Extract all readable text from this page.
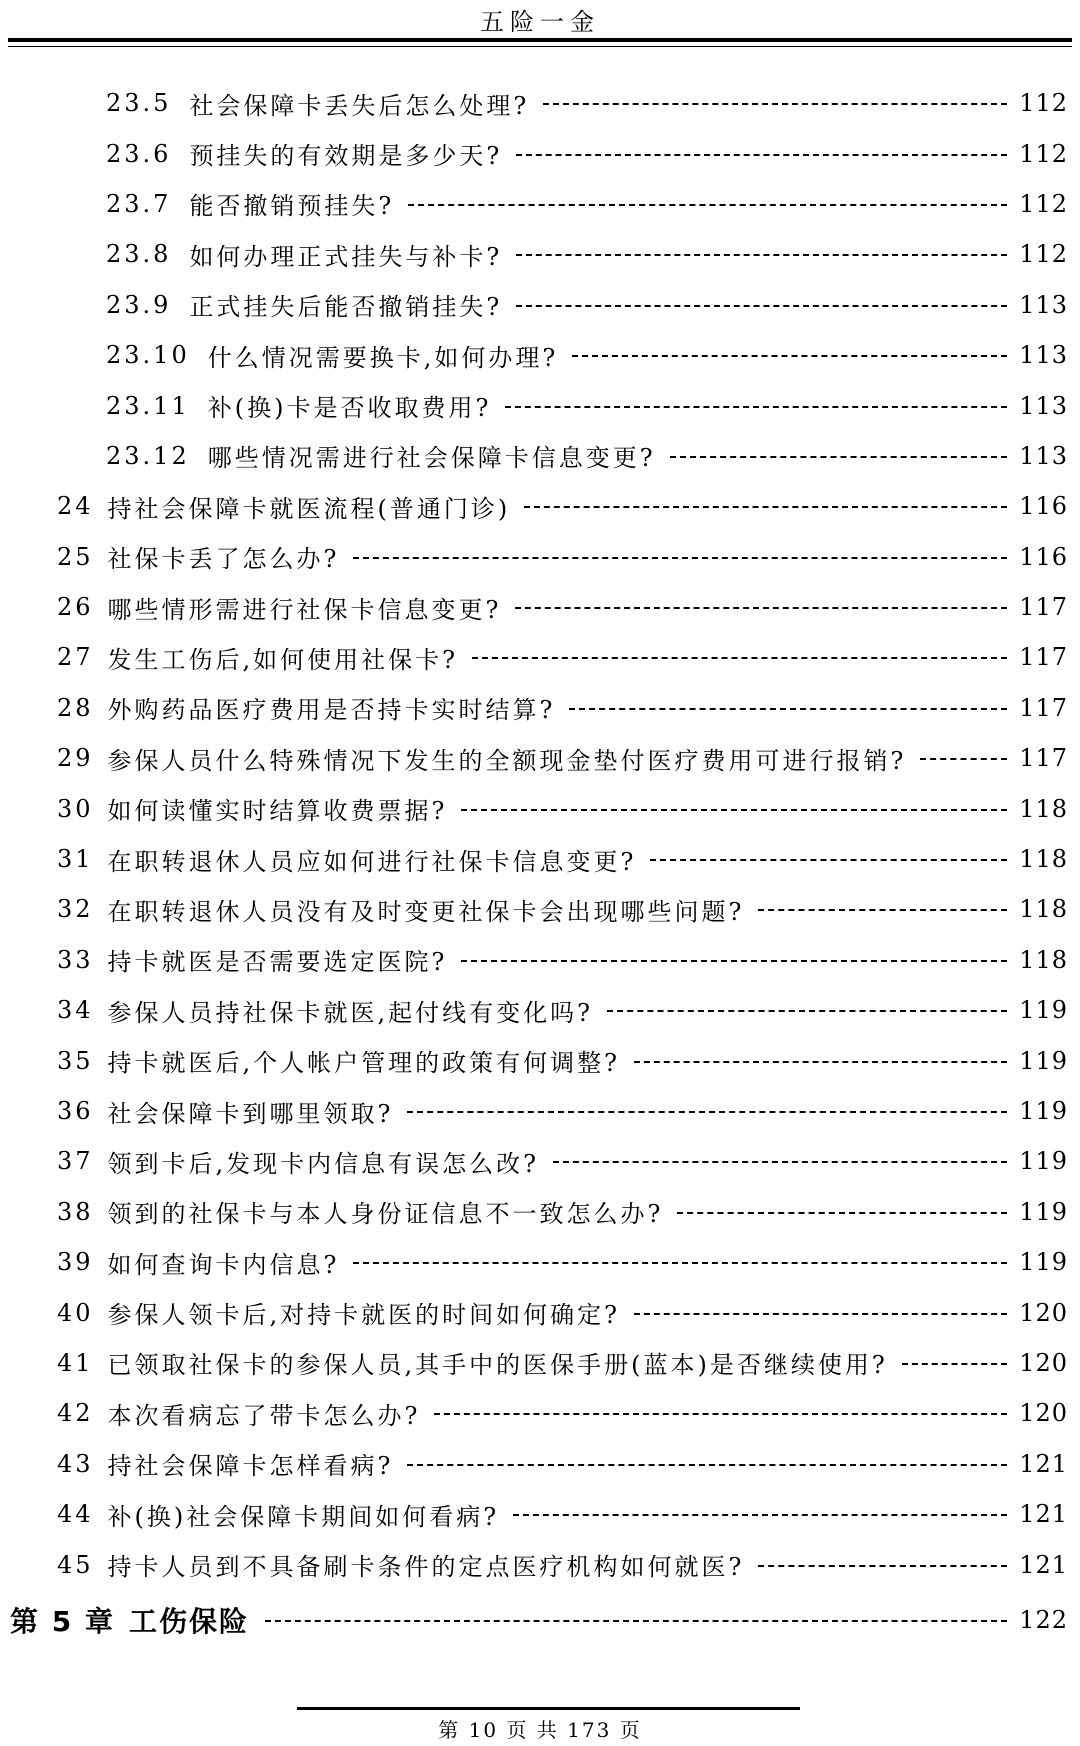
五险一金
23.5 社会保障卡丢失后怎么处理?	112
23.6 预挂失的有效期是多少天?	112
23.7 能否撤销预挂失?	112
23.8 如何办理正式挂失与补卡?	112
23.9 正式挂失后能否撤销挂失?	113
23.10 什么情况需要换卡,如何办理?	113
23.11 补(换)卡是否收取费用?	113
23.12 哪些情况需进行社会保障卡信息变更?	113
24 持社会保障卡就医流程(普通门诊)	116
25 社保卡丢了怎么办?	116
26 哪些情形需进行社保卡信息变更?	117
27 发生工伤后,如何使用社保卡?	117
28 外购药品医疗费用是否持卡实时结算?	117
29 参保人员什么特殊情况下发生的全额现金垫付医疗费用可进行报销?	117
30 如何读懂实时结算收费票据?	118
31 在职转退休人员应如何进行社保卡信息变更?	118
32 在职转退休人员没有及时变更社保卡会出现哪些问题?	118
33 持卡就医是否需要选定医院?	118
34 参保人员持社保卡就医,起付线有变化吗?	119
35 持卡就医后,个人帐户管理的政策有何调整?	119
36 社会保障卡到哪里领取?	119
37 领到卡后,发现卡内信息有误怎么改?	119
38 领到的社保卡与本人身份证信息不一致怎么办?	119
39 如何查询卡内信息?	119
40 参保人领卡后,对持卡就医的时间如何确定?	120
41 已领取社保卡的参保人员,其手中的医保手册(蓝本)是否继续使用?	120
42 本次看病忘了带卡怎么办?	120
43 持社会保障卡怎样看病?	121
44 补(换)社会保障卡期间如何看病?	121
45 持卡人员到不具备刷卡条件的定点医疗机构如何就医?	121
第 5 章 工伤保险	122
第 10 页 共 173 页
